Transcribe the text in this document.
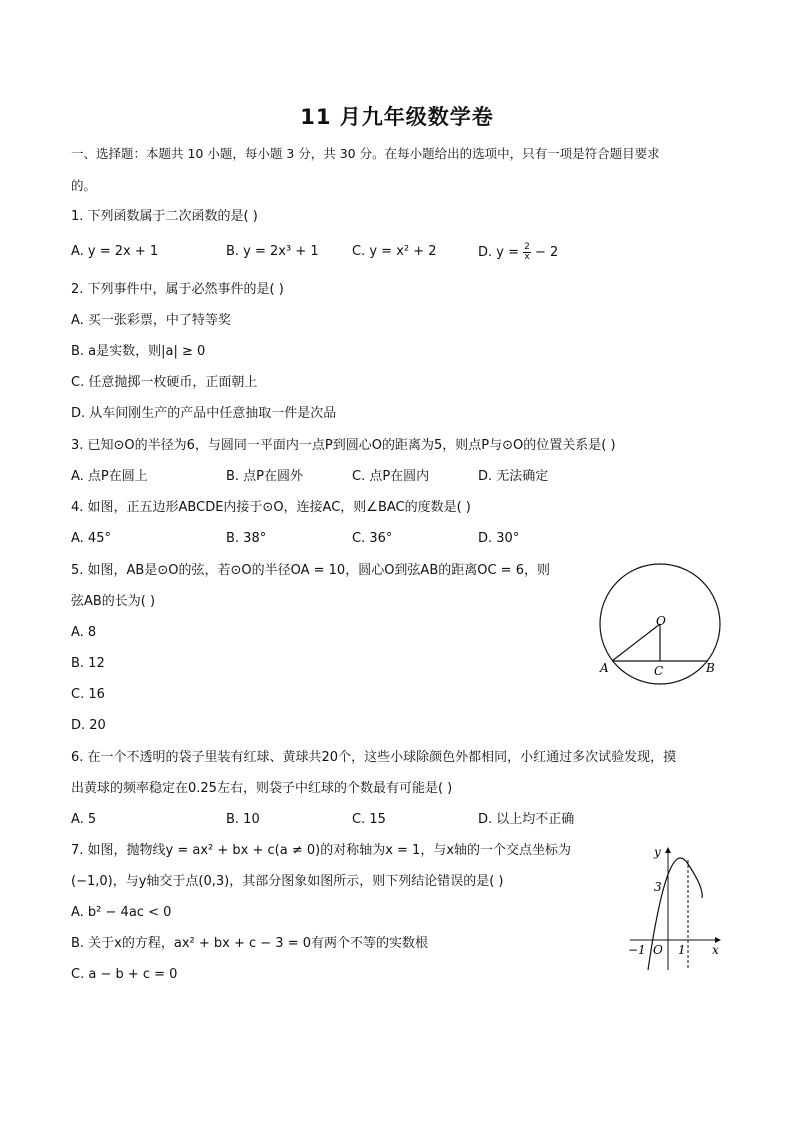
11 月九年级数学卷
一、选择题：本题共 10 小题，每小题 3 分，共 30 分。在每小题给出的选项中，只有一项是符合题目要求
的。
1. 下列函数属于二次函数的是( )
A. y = 2x + 1	B. y = 2x³ + 1	C. y = x² + 2	D. $y = \frac{2}{x} - 2$
2. 下列事件中，属于必然事件的是( )
A. 买一张彩票，中了特等奖
B. a是实数，则|a| ≥ 0
C. 任意抛掷一枚硬币，正面朝上
D. 从车间刚生产的产品中任意抽取一件是次品
3. 已知⊙O的半径为6，与圆同一平面内一点P到圆心O的距离为5，则点P与⊙O的位置关系是( )
A. 点P在圆上	B. 点P在圆外	C. 点P在圆内	D. 无法确定
4. 如图，正五边形ABCDE内接于⊙O，连接AC，则∠BAC的度数是( )
A. 45°	B. 38°	C. 36°	D. 30°
5. 如图，AB是⊙O的弦，若⊙O的半径OA = 10，圆心O到弦AB的距离OC = 6，则
弦AB的长为( )
A. 8
B. 12
C. 16
D. 20
O
A	B
C
6. 在一个不透明的袋子里装有红球、黄球共20个，这些小球除颜色外都相同，小红通过多次试验发现，摸
出黄球的频率稳定在0.25左右，则袋子中红球的个数最有可能是( )
A. 5	B. 10	C. 15	D. 以上均不正确
7. 如图，抛物线y = ax² + bx + c(a ≠ 0)的对称轴为x = 1，与x轴的一个交点坐标为
(−1,0)，与y轴交于点(0,3)，其部分图象如图所示，则下列结论错误的是( )
A. b² − 4ac < 0
B. 关于x的方程，ax² + bx + c − 3 = 0有两个不等的实数根
C. a − b + c = 0
y
x
3
−1 O 1
